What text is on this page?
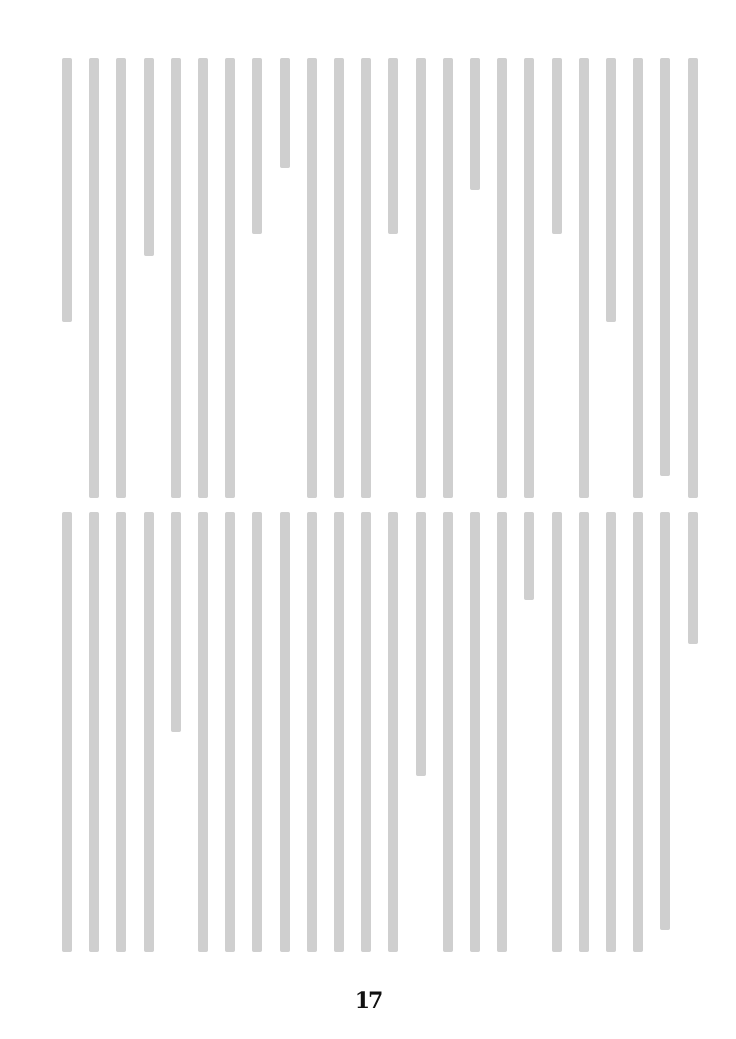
17
